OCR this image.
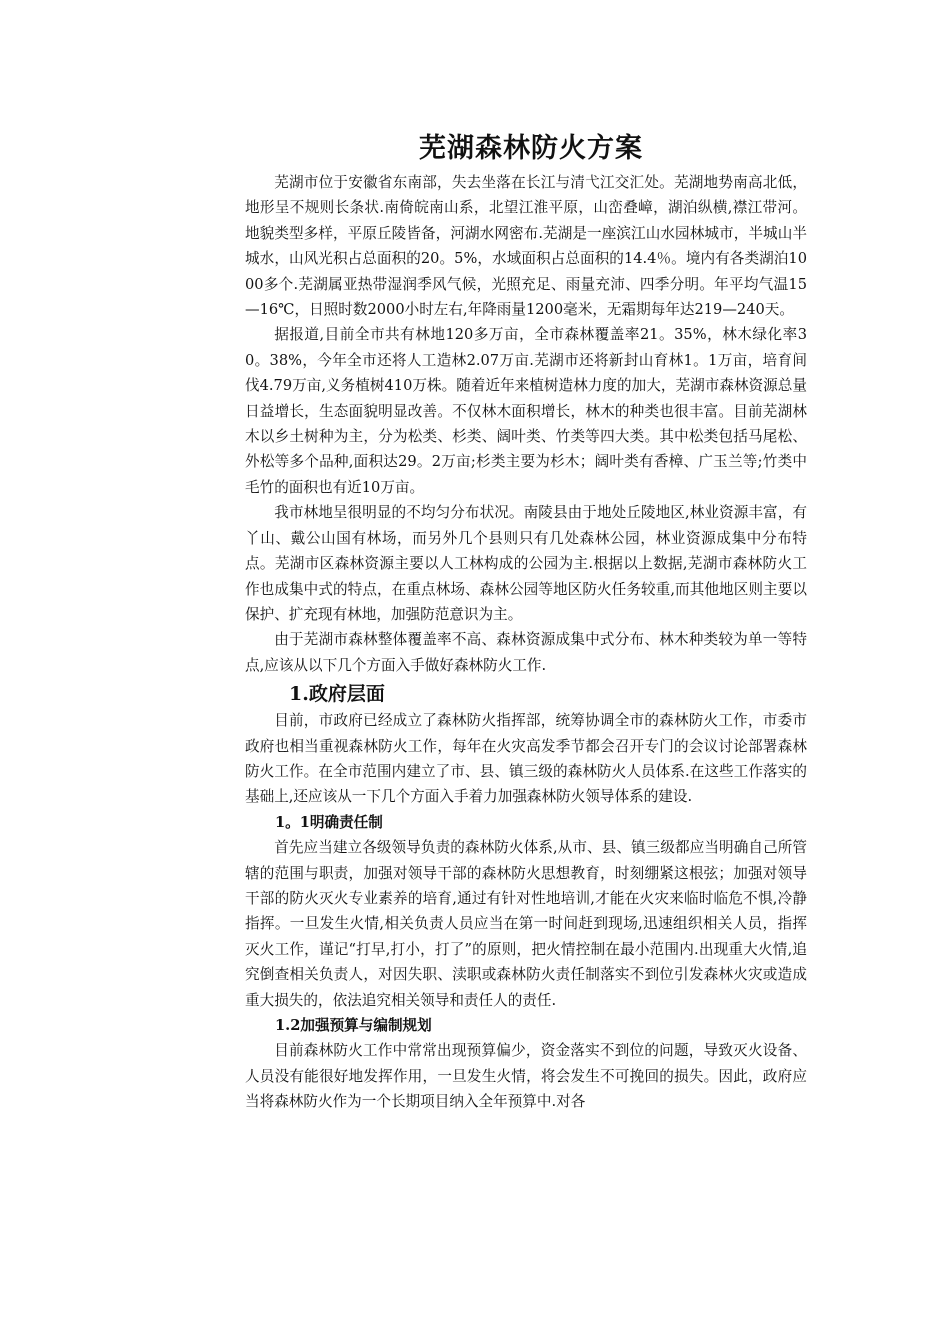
芜湖森林防火方案

芜湖市位于安徽省东南部，失去坐落在长江与清弋江交汇处。芜湖地势南高北低，地形呈不规则长条状.南倚皖南山系，北望江淮平原，山峦叠嶂，湖泊纵横,襟江带河。地貌类型多样，平原丘陵皆备，河湖水网密布.芜湖是一座滨江山水园林城市，半城山半城水，山风光积占总面积的20。5%，水域面积占总面积的14.4％。境内有各类湖泊1000多个.芜湖属亚热带湿润季风气候，光照充足、雨量充沛、四季分明。年平均气温15—16℃，日照时数2000小时左右,年降雨量1200毫米，无霜期每年达219—240天。

据报道,目前全市共有林地120多万亩，全市森林覆盖率21。35%，林木绿化率30。38%，今年全市还将人工造林2.07万亩.芜湖市还将新封山育林1。1万亩，培育间伐4.79万亩,义务植树410万株。随着近年来植树造林力度的加大，芜湖市森林资源总量日益增长，生态面貌明显改善。不仅林木面积增长，林木的种类也很丰富。目前芜湖林木以乡土树种为主，分为松类、杉类、阔叶类、竹类等四大类。其中松类包括马尾松、外松等多个品种,面积达29。2万亩;杉类主要为杉木；阔叶类有香樟、广玉兰等;竹类中毛竹的面积也有近10万亩。

我市林地呈很明显的不均匀分布状况。南陵县由于地处丘陵地区,林业资源丰富，有丫山、戴公山国有林场，而另外几个县则只有几处森林公园，林业资源成集中分布特点。芜湖市区森林资源主要以人工林构成的公园为主.根据以上数据,芜湖市森林防火工作也成集中式的特点，在重点林场、森林公园等地区防火任务较重,而其他地区则主要以保护、扩充现有林地，加强防范意识为主。

由于芜湖市森林整体覆盖率不高、森林资源成集中式分布、林木种类较为单一等特点,应该从以下几个方面入手做好森林防火工作.

1.政府层面

目前，市政府已经成立了森林防火指挥部，统筹协调全市的森林防火工作，市委市政府也相当重视森林防火工作，每年在火灾高发季节都会召开专门的会议讨论部署森林防火工作。在全市范围内建立了市、县、镇三级的森林防火人员体系.在这些工作落实的基础上,还应该从一下几个方面入手着力加强森林防火领导体系的建设.

1。1明确责任制

首先应当建立各级领导负责的森林防火体系,从市、县、镇三级都应当明确自己所管辖的范围与职责，加强对领导干部的森林防火思想教育，时刻绷紧这根弦；加强对领导干部的防火灭火专业素养的培育,通过有针对性地培训,才能在火灾来临时临危不惧,冷静指挥。一旦发生火情,相关负责人员应当在第一时间赶到现场,迅速组织相关人员，指挥灭火工作，谨记“打早,打小，打了”的原则，把火情控制在最小范围内.出现重大火情,追究倒查相关负责人，对因失职、渎职或森林防火责任制落实不到位引发森林火灾或造成重大损失的，依法追究相关领导和责任人的责任.

1.2加强预算与编制规划

目前森林防火工作中常常出现预算偏少，资金落实不到位的问题，导致灭火设备、人员没有能很好地发挥作用，一旦发生火情，将会发生不可挽回的损失。因此，政府应当将森林防火作为一个长期项目纳入全年预算中.对各
